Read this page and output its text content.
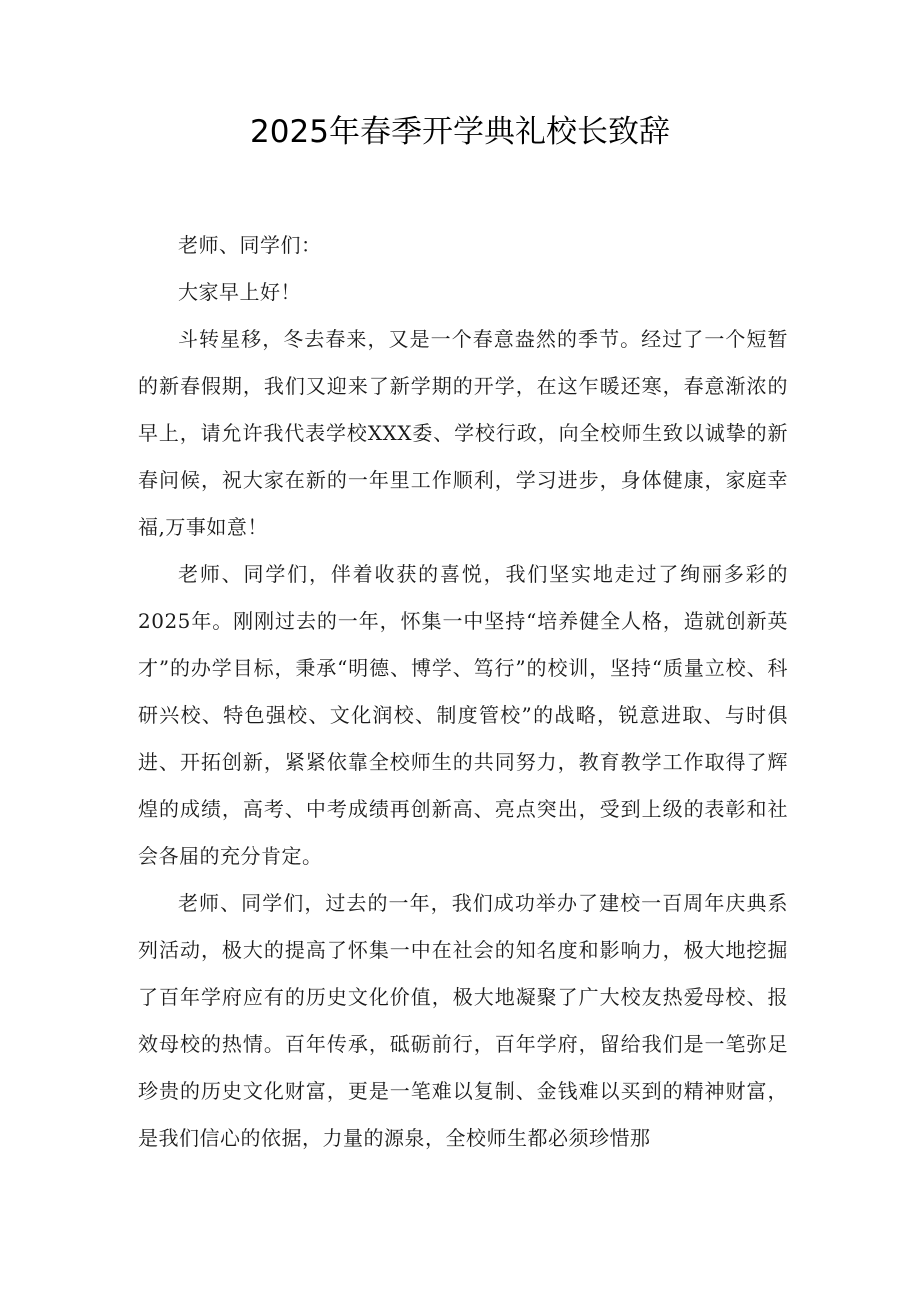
2025年春季开学典礼校长致辞

老师、同学们：

大家早上好！

斗转星移，冬去春来，又是一个春意盎然的季节。经过了一个短暂的新春假期，我们又迎来了新学期的开学，在这乍暖还寒，春意渐浓的早上，请允许我代表学校XXX委、学校行政，向全校师生致以诚挚的新春问候，祝大家在新的一年里工作顺利，学习进步，身体健康，家庭幸福,万事如意！

老师、同学们，伴着收获的喜悦，我们坚实地走过了绚丽多彩的2025年。刚刚过去的一年，怀集一中坚持“培养健全人格，造就创新英才”的办学目标，秉承“明德、博学、笃行”的校训，坚持“质量立校、科研兴校、特色强校、文化润校、制度管校”的战略，锐意进取、与时俱进、开拓创新，紧紧依靠全校师生的共同努力，教育教学工作取得了辉煌的成绩，高考、中考成绩再创新高、亮点突出，受到上级的表彰和社会各届的充分肯定。

老师、同学们，过去的一年，我们成功举办了建校一百周年庆典系列活动，极大的提高了怀集一中在社会的知名度和影响力，极大地挖掘了百年学府应有的历史文化价值，极大地凝聚了广大校友热爱母校、报效母校的热情。百年传承，砥砺前行，百年学府，留给我们是一笔弥足珍贵的历史文化财富，更是一笔难以复制、金钱难以买到的精神财富，是我们信心的依据，力量的源泉，全校师生都必须珍惜那
